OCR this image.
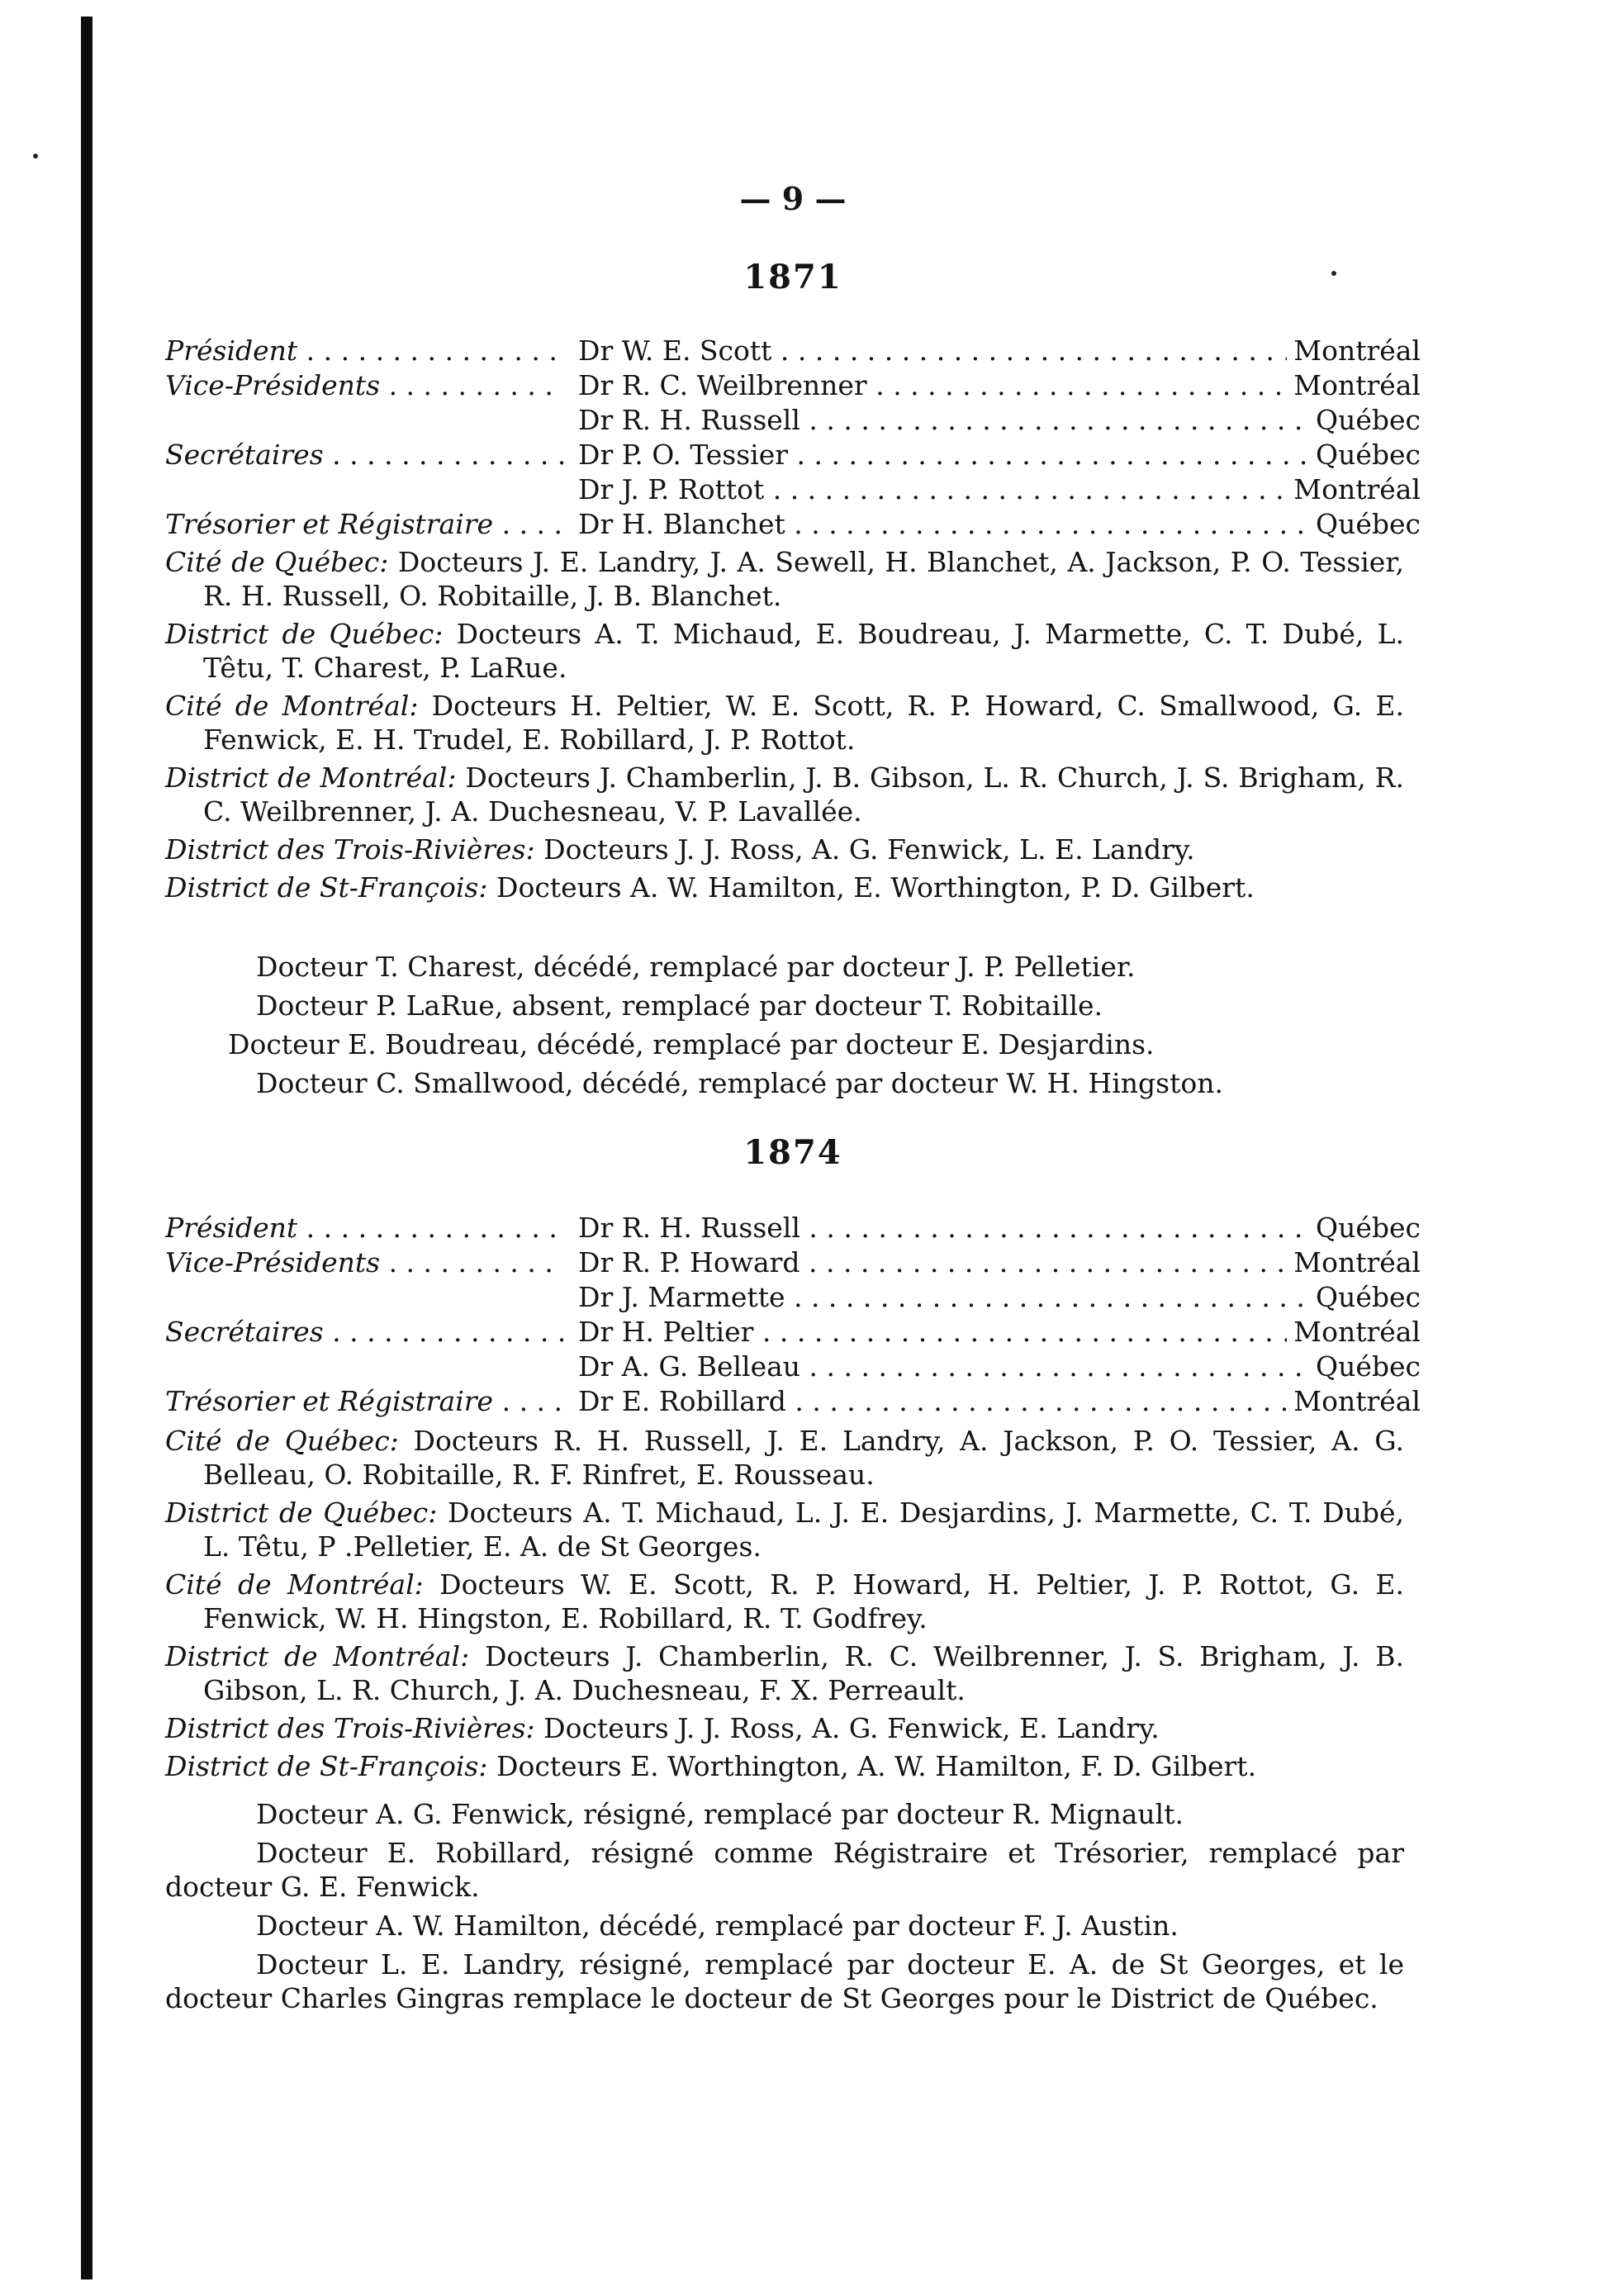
— 9 —
1871
Président . . .	Dr W. E. Scott . . .	Montréal
Vice-Présidents . . .	Dr R. C. Weilbrenner . . .	Montréal
Dr R. H. Russell . . .	Québec
Secrétaires . . .	Dr P. O. Tessier . . .	Québec
Dr J. P. Rottot . . .	Montréal
Trésorier et Régistraire . . .	Dr H. Blanchet . . .	Québec

Cité de Québec: Docteurs J. E. Landry, J. A. Sewell, H. Blanchet, A. Jackson, P. O. Tessier, R. H. Russell, O. Robitaille, J. B. Blanchet.

District de Québec: Docteurs A. T. Michaud, E. Boudreau, J. Marmette, C. T. Dubé, L. Têtu, T. Charest, P. LaRue.

Cité de Montréal: Docteurs H. Peltier, W. E. Scott, R. P. Howard, C. Smallwood, G. E. Fenwick, E. H. Trudel, E. Robillard, J. P. Rottot.

District de Montréal: Docteurs J. Chamberlin, J. B. Gibson, L. R. Church, J. S. Brigham, R. C. Weilbrenner, J. A. Duchesneau, V. P. Lavallée.

District des Trois-Rivières: Docteurs J. J. Ross, A. G. Fenwick, L. E. Landry.

District de St-François: Docteurs A. W. Hamilton, E. Worthington, P. D. Gilbert.

Docteur T. Charest, décédé, remplacé par docteur J. P. Pelletier.

Docteur P. LaRue, absent, remplacé par docteur T. Robitaille.

Docteur E. Boudreau, décédé, remplacé par docteur E. Desjardins.

Docteur C. Smallwood, décédé, remplacé par docteur W. H. Hingston.

1874
Président . . .	Dr R. H. Russell . . .	Québec
Vice-Présidents . . .	Dr R. P. Howard . . .	Montréal
Dr J. Marmette . . .	Québec
Secrétaires . . .	Dr H. Peltier . . .	Montréal
Dr A. G. Belleau . . .	Québec
Trésorier et Régistraire . . .	Dr E. Robillard . . .	Montréal

Cité de Québec: Docteurs R. H. Russell, J. E. Landry, A. Jackson, P. O. Tessier, A. G. Belleau, O. Robitaille, R. F. Rinfret, E. Rousseau.

District de Québec: Docteurs A. T. Michaud, L. J. E. Desjardins, J. Marmette, C. T. Dubé, L. Têtu, P .Pelletier, E. A. de St Georges.

Cité de Montréal: Docteurs W. E. Scott, R. P. Howard, H. Peltier, J. P. Rottot, G. E. Fenwick, W. H. Hingston, E. Robillard, R. T. Godfrey.

District de Montréal: Docteurs J. Chamberlin, R. C. Weilbrenner, J. S. Brigham, J. B. Gibson, L. R. Church, J. A. Duchesneau, F. X. Perreault.

District des Trois-Rivières: Docteurs J. J. Ross, A. G. Fenwick, E. Landry.

District de St-François: Docteurs E. Worthington, A. W. Hamilton, F. D. Gilbert.

Docteur A. G. Fenwick, résigné, remplacé par docteur R. Mignault.

Docteur E. Robillard, résigné comme Régistraire et Trésorier, remplacé par docteur G. E. Fenwick.

Docteur A. W. Hamilton, décédé, remplacé par docteur F. J. Austin.

Docteur L. E. Landry, résigné, remplacé par docteur E. A. de St Georges, et le docteur Charles Gingras remplace le docteur de St Georges pour le District de Québec.
